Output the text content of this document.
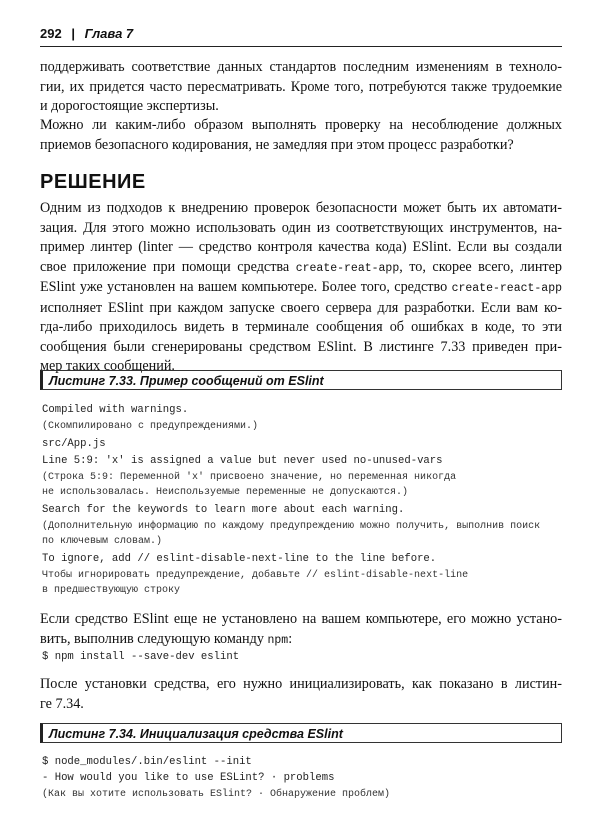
292 | Глава 7

поддерживать соответствие данных стандартов последним изменениям в техноло-

гии, их придется часто пересматривать. Кроме того, потребуются также трудоемкие

и дорогостоящие экспертизы.

Можно ли каким-либо образом выполнять проверку на несоблюдение должных

приемов безопасного кодирования, не замедляя при этом процесс разработки?

РЕШЕНИЕ

Одним из подходов к внедрению проверок безопасности может быть их автомати-

зация. Для этого можно использовать один из соответствующих инструментов, на-

пример линтер (linter — средство контроля качества кода) ESlint. Если вы создали

свое приложение при помощи средства create-reat-app, то, скорее всего, линтер

ESlint уже установлен на вашем компьютере. Более того, средство create-react-app

исполняет ESlint при каждом запуске своего сервера для разработки. Если вам ко-

гда-либо приходилось видеть в терминале сообщения об ошибках в коде, то эти

сообщения были сгенерированы средством ESlint. В листинге 7.33 приведен при-

мер таких сообщений.

Листинг 7.33. Пример сообщений от ESlint
Compiled with warnings.
(Скомпилировано с предупреждениями.)
src/App.js
Line 5:9: 'x' is assigned a value but never used no-unused-vars
(Строка 5:9: Переменной 'x' присвоено значение, но переменная никогда
не использовалась. Неиспользуемые переменные не допускаются.)
Search for the keywords to learn more about each warning.
(Дополнительную информацию по каждому предупреждению можно получить, выполнив поиск
по ключевым словам.)
To ignore, add // eslint-disable-next-line to the line before.
Чтобы игнорировать предупреждение, добавьте // eslint-disable-next-line
в предшествующую строку

Если средство ESlint еще не установлено на вашем компьютере, его можно устано-

вить, выполнив следующую команду npm:

$ npm install --save-dev eslint

После установки средства, его нужно инициализировать, как показано в листин-

ге 7.34.

Листинг 7.34. Инициализация средства ESlint
$ node_modules/.bin/eslint --init
- How would you like to use ESLint? · problems
(Как вы хотите использовать ESlint? · Обнаружение проблем)
